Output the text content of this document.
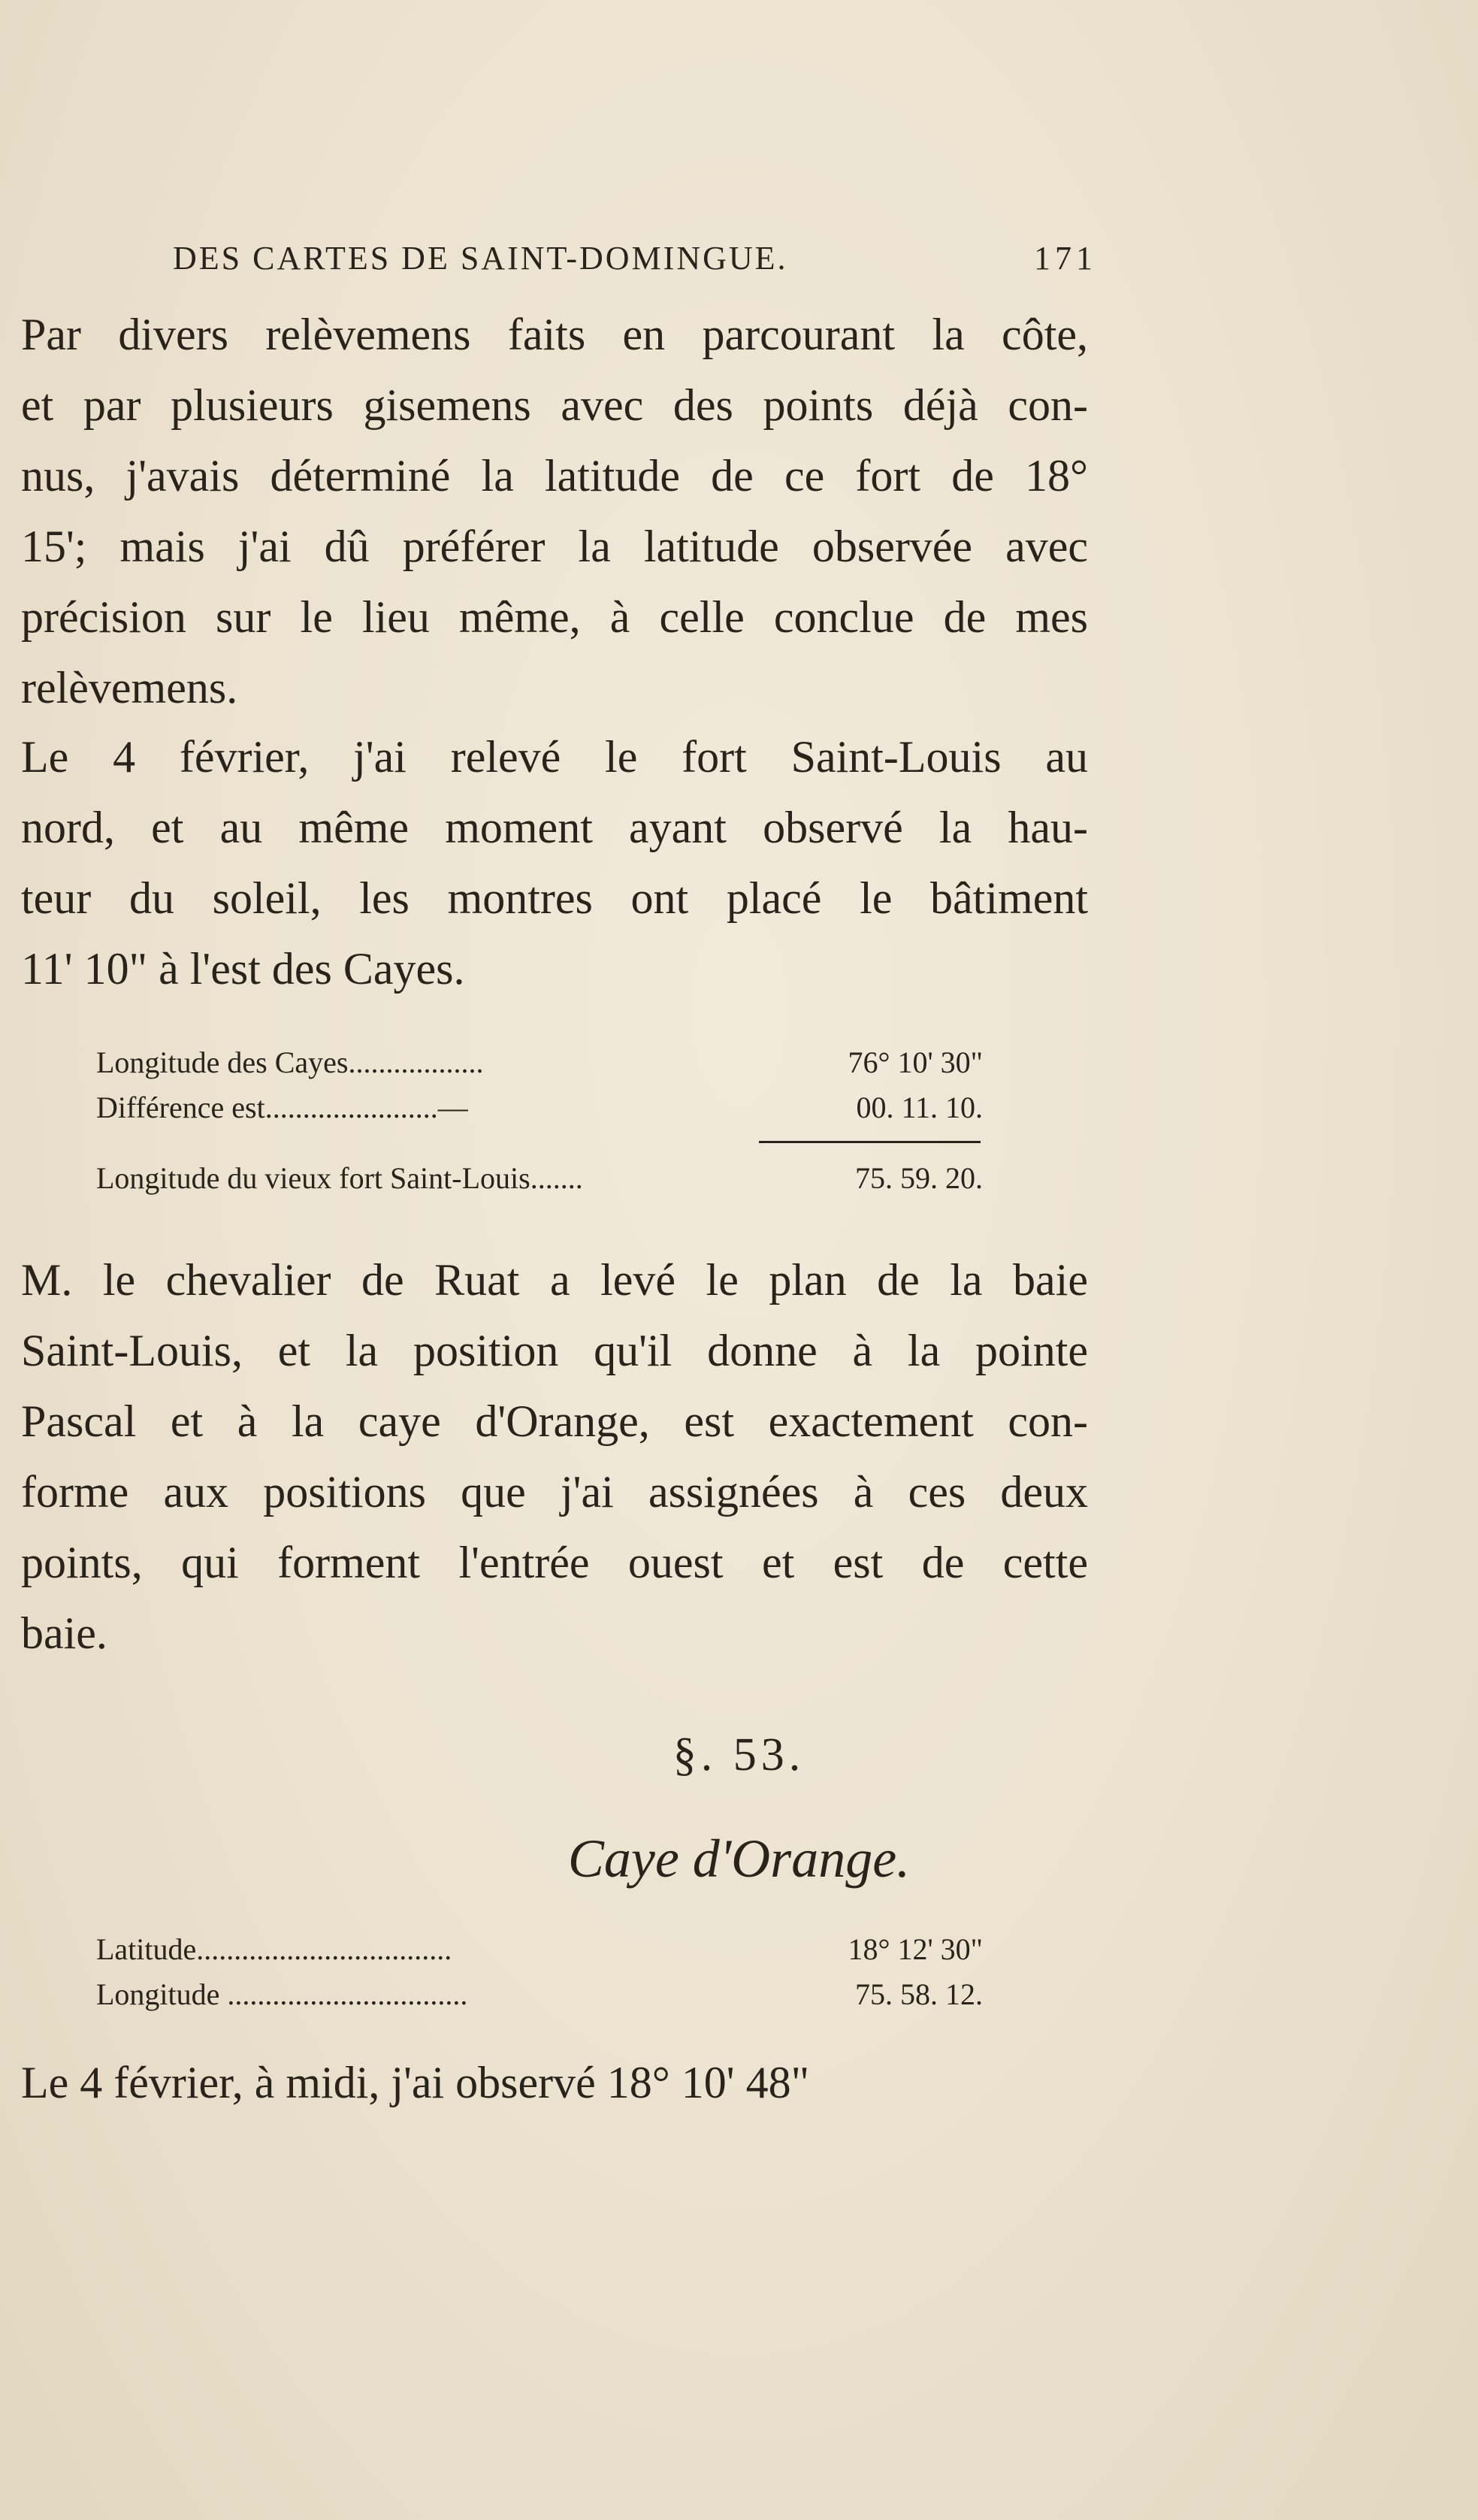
DES CARTES DE SAINT-DOMINGUE.	171
Par divers relèvemens faits en parcourant la côte,
et par plusieurs gisemens avec des points déjà con-
nus, j'avais déterminé la latitude de ce fort de 18°
15'; mais j'ai dû préférer la latitude observée avec
précision sur le lieu même, à celle conclue de mes
relèvemens.
Le 4 février, j'ai relevé le fort Saint-Louis au
nord, et au même moment ayant observé la hau-
teur du soleil, les montres ont placé le bâtiment
11' 10" à l'est des Cayes.
Longitude des Cayes..................	76° 10' 30"
Différence est.......................—	00. 11. 10.
Longitude du vieux fort Saint-Louis.......	75. 59. 20.
M. le chevalier de Ruat a levé le plan de la baie
Saint-Louis, et la position qu'il donne à la pointe
Pascal et à la caye d'Orange, est exactement con-
forme aux positions que j'ai assignées à ces deux
points, qui forment l'entrée ouest et est de cette
baie.
§. 53.
Caye d'Orange.
Latitude..................................	18° 12' 30"
Longitude ................................	75. 58. 12.
Le 4 février, à midi, j'ai observé 18° 10' 48"
